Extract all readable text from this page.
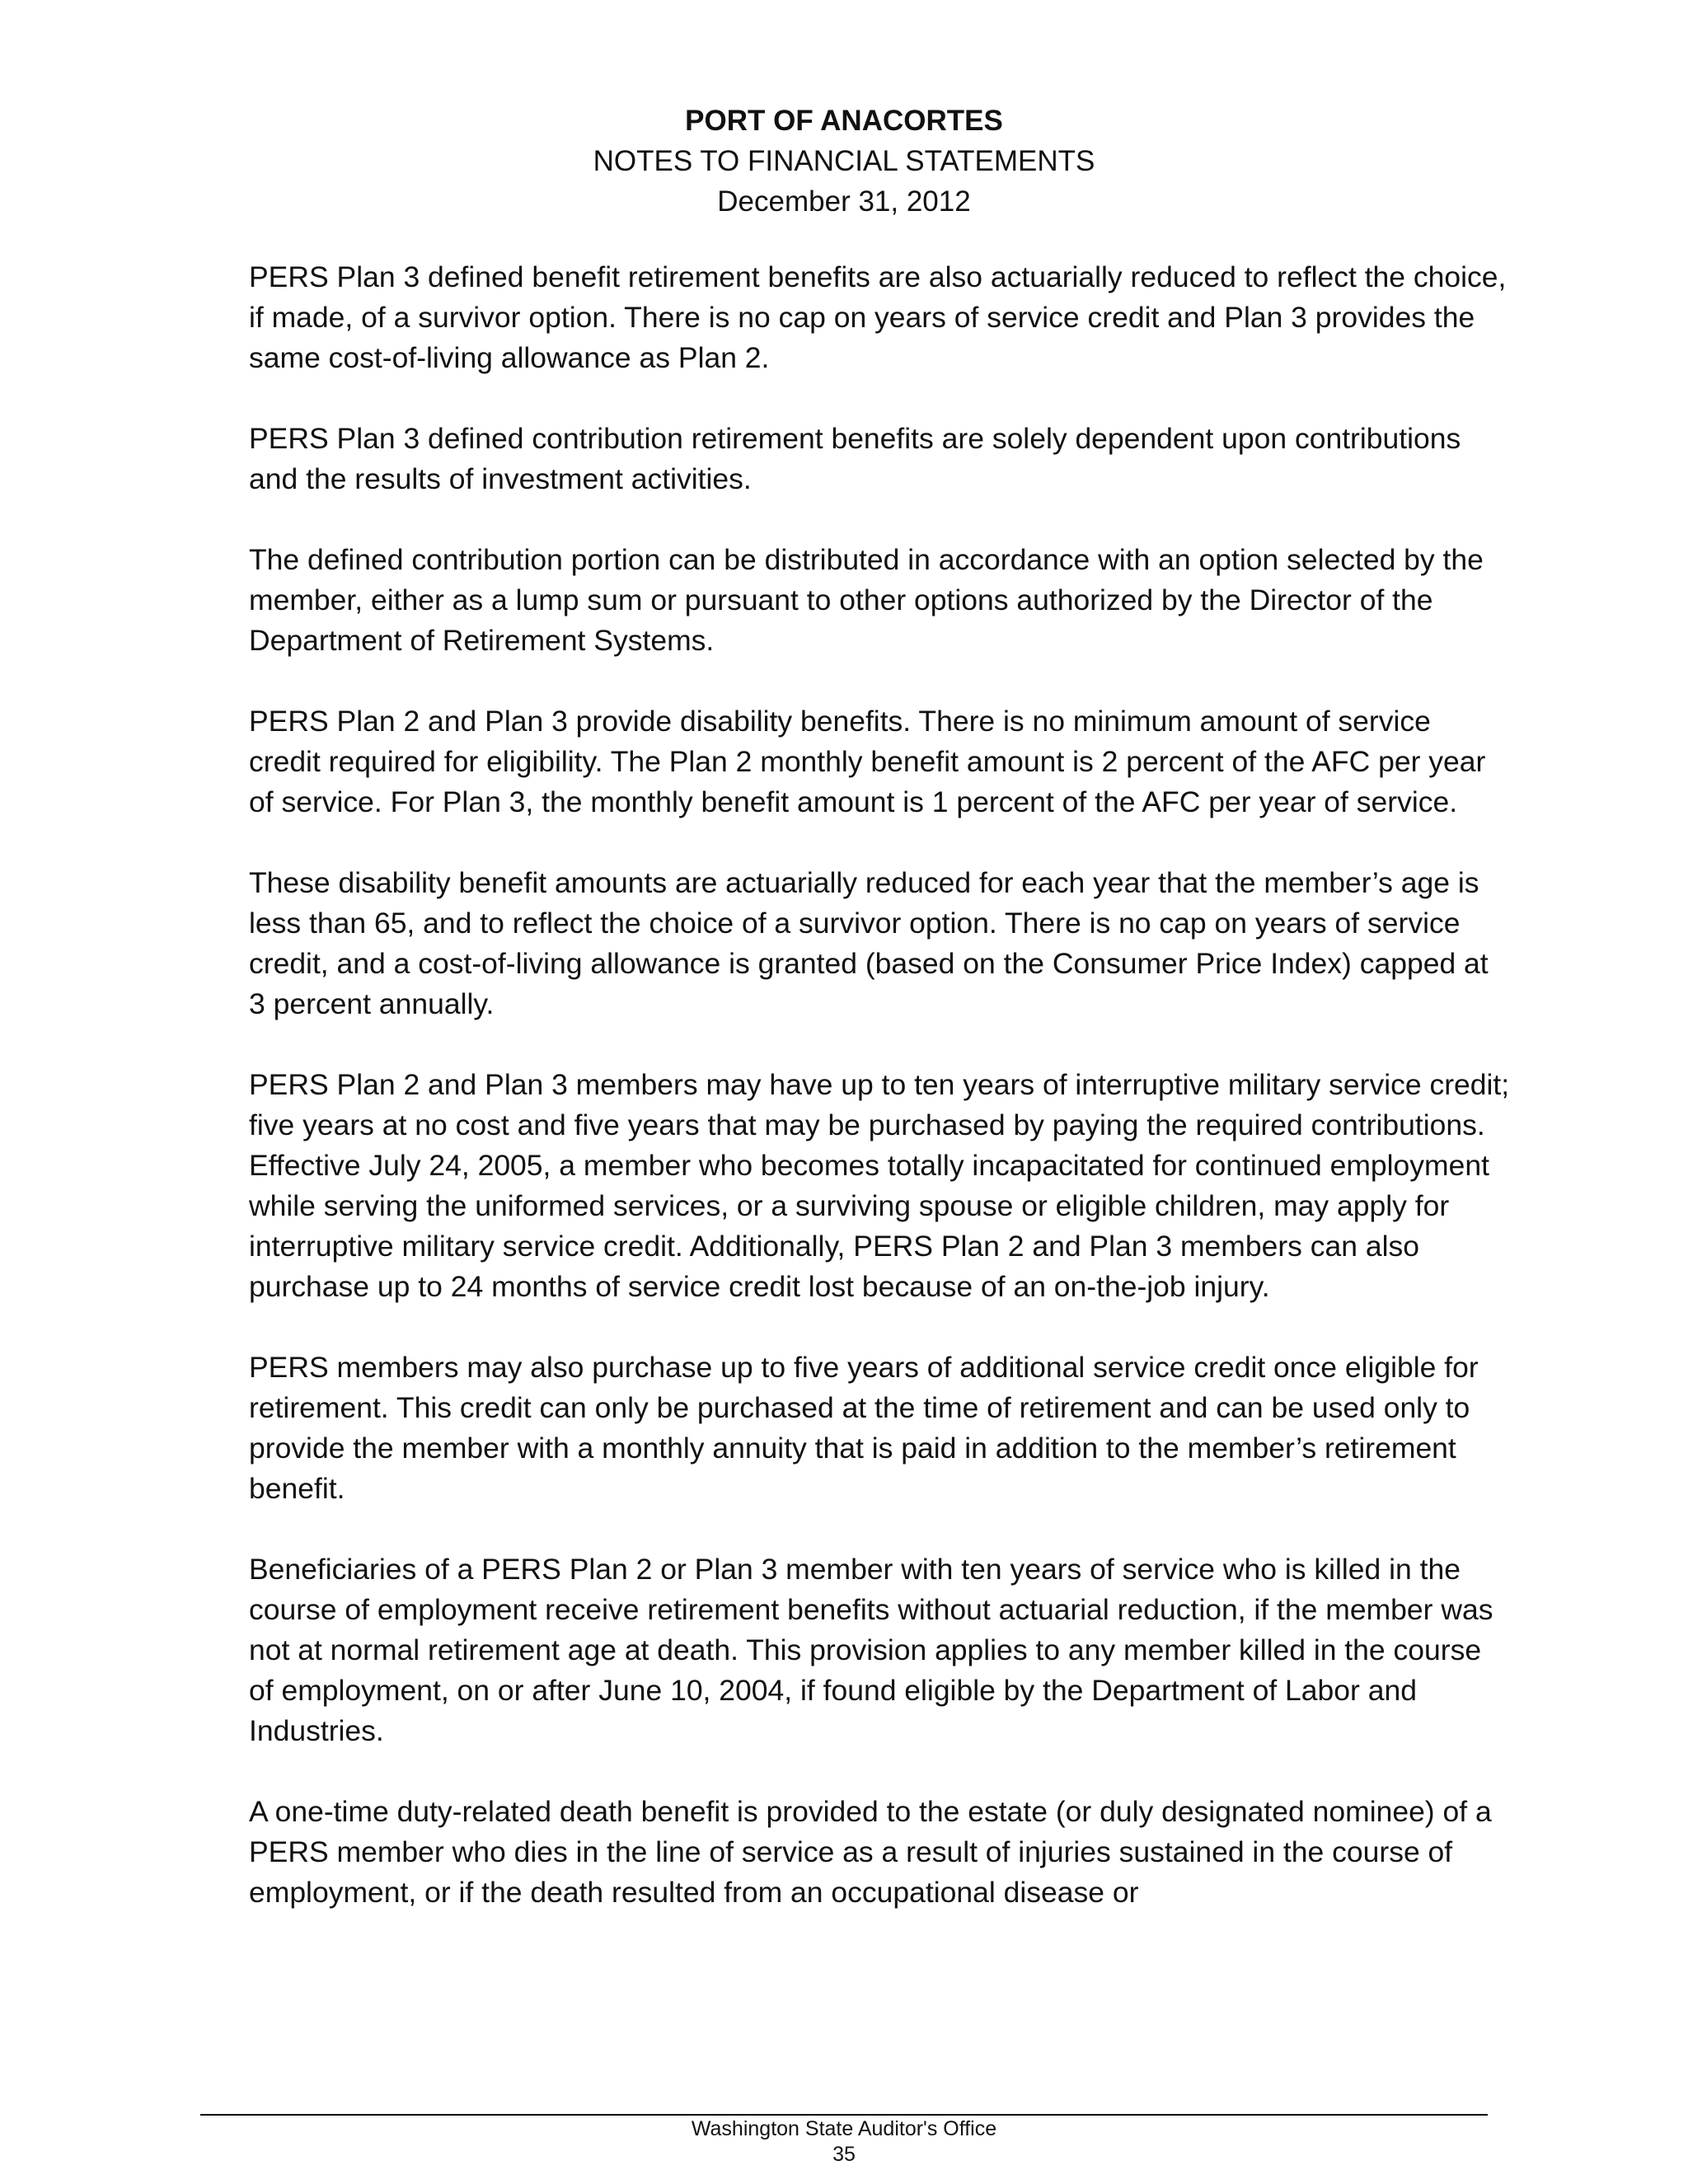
PORT OF ANACORTES
NOTES TO FINANCIAL STATEMENTS
December 31, 2012

PERS Plan 3 defined benefit retirement benefits are also actuarially reduced to reflect the choice, if made, of a survivor option. There is no cap on years of service credit and Plan 3 provides the same cost-of-living allowance as Plan 2.

PERS Plan 3 defined contribution retirement benefits are solely dependent upon contributions and the results of investment activities.

The defined contribution portion can be distributed in accordance with an option selected by the member, either as a lump sum or pursuant to other options authorized by the Director of the Department of Retirement Systems.

PERS Plan 2 and Plan 3 provide disability benefits. There is no minimum amount of service credit required for eligibility. The Plan 2 monthly benefit amount is 2 percent of the AFC per year of service. For Plan 3, the monthly benefit amount is 1 percent of the AFC per year of service.

These disability benefit amounts are actuarially reduced for each year that the member’s age is less than 65, and to reflect the choice of a survivor option. There is no cap on years of service credit, and a cost-of-living allowance is granted (based on the Consumer Price Index) capped at 3 percent annually.

PERS Plan 2 and Plan 3 members may have up to ten years of interruptive military service credit; five years at no cost and five years that may be purchased by paying the required contributions. Effective July 24, 2005, a member who becomes totally incapacitated for continued employment while serving the uniformed services, or a surviving spouse or eligible children, may apply for interruptive military service credit. Additionally, PERS Plan 2 and Plan 3 members can also purchase up to 24 months of service credit lost because of an on-the-job injury.

PERS members may also purchase up to five years of additional service credit once eligible for retirement. This credit can only be purchased at the time of retirement and can be used only to provide the member with a monthly annuity that is paid in addition to the member’s retirement benefit.

Beneficiaries of a PERS Plan 2 or Plan 3 member with ten years of service who is killed in the course of employment receive retirement benefits without actuarial reduction, if the member was not at normal retirement age at death. This provision applies to any member killed in the course of employment, on or after June 10, 2004, if found eligible by the Department of Labor and Industries.

A one-time duty-related death benefit is provided to the estate (or duly designated nominee) of a PERS member who dies in the line of service as a result of injuries sustained in the course of employment, or if the death resulted from an occupational disease or

Washington State Auditor's Office
35
